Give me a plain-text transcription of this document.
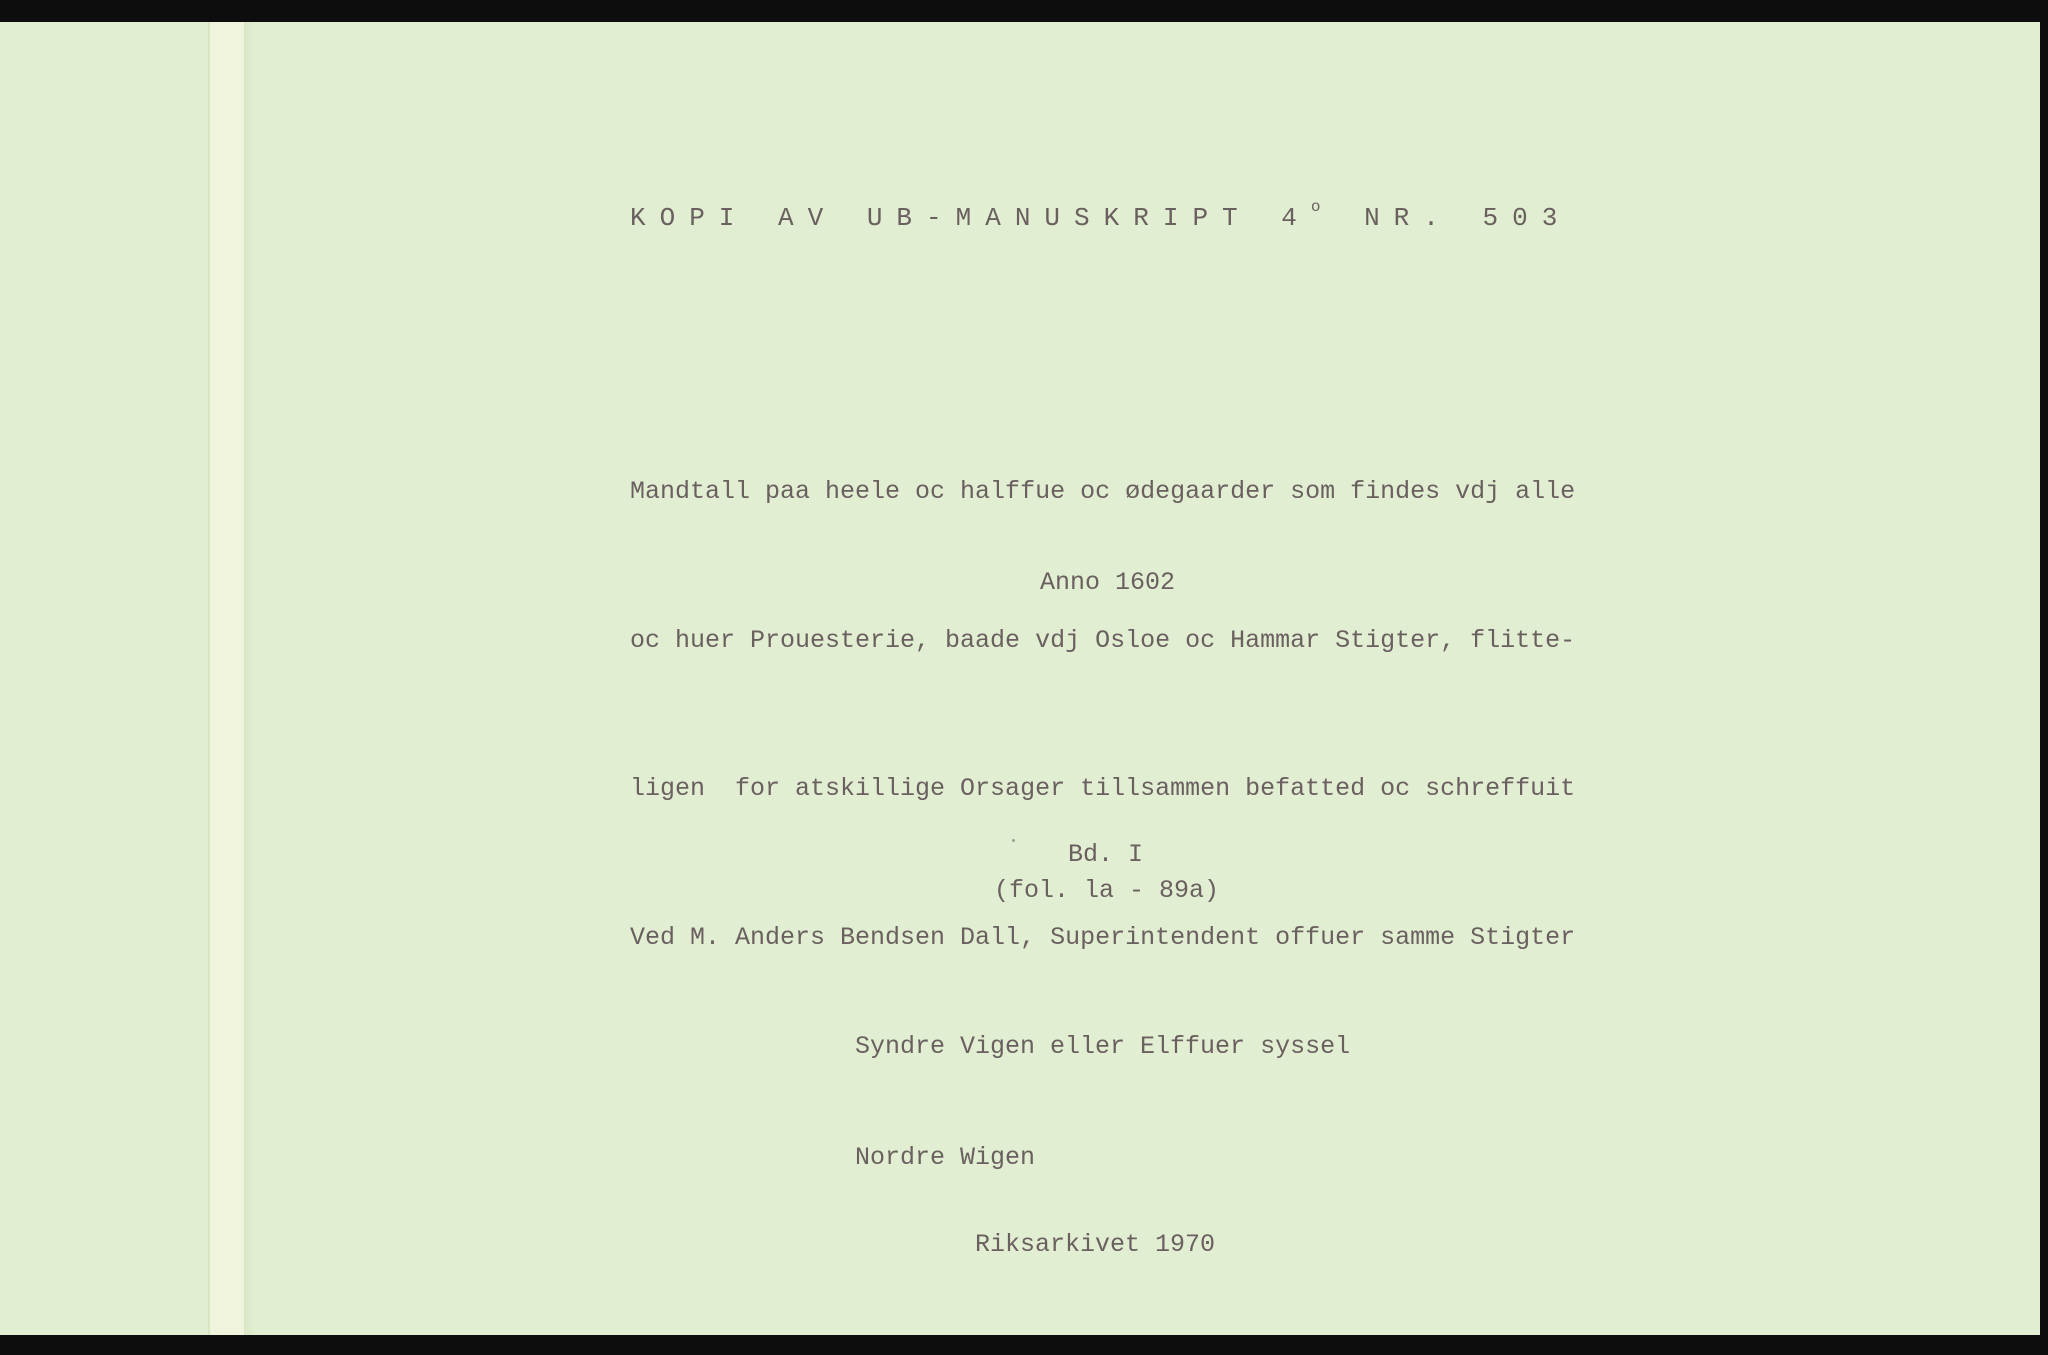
KOPI AV UB-MANUSKRIPT 4$^o$ NR. 503

Mandtall paa heele oc halffue oc ødegaarder som findes vdj alle

oc huer Prouesterie, baade vdj Osloe oc Hammar Stigter, flitte-

ligen  for atskillige Orsager tillsammen befatted oc schreffuit

Ved M. Anders Bendsen Dall, Superintendent offuer samme Stigter

Anno 1602

Bd. I

(fol. la - 89a)

Syndre Vigen eller Elffuer syssel

Nordre Wigen

Riksarkivet 1970
